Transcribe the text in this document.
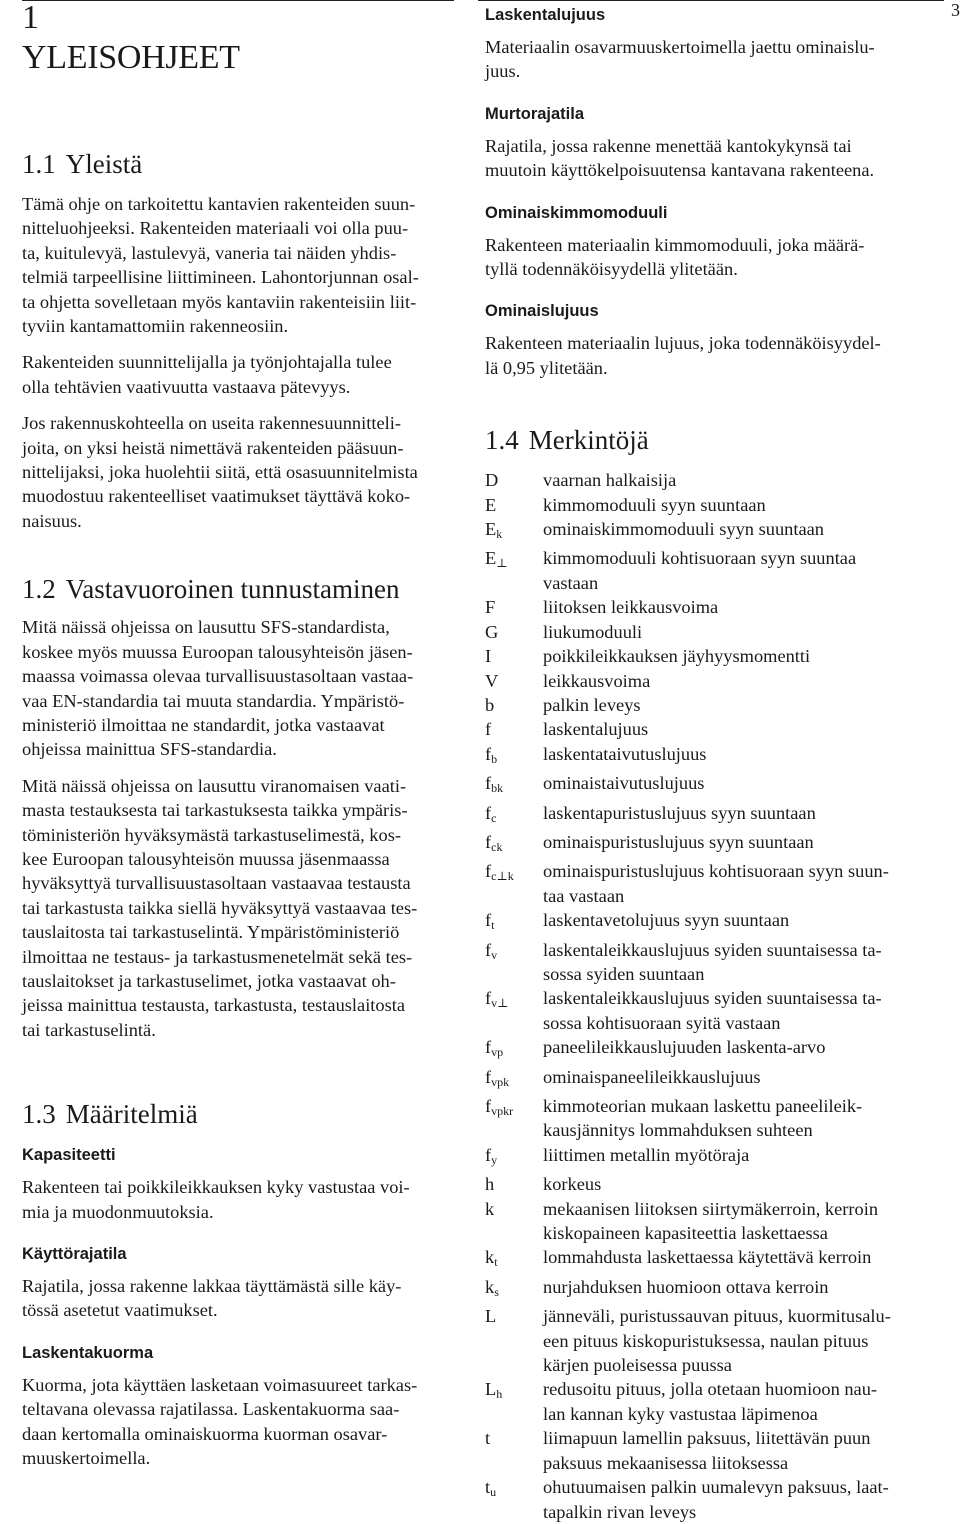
3
1
YLEISOHJEET
1.1 Yleistä

Tämä ohje on tarkoitettu kantavien rakenteiden suun-
nitteluohjeeksi. Rakenteiden materiaali voi olla puu-
ta, kuitulevyä, lastulevyä, vaneria tai näiden yhdis-
telmiä tarpeellisine liittimineen. Lahontorjunnan osal-
ta ohjetta sovelletaan myös kantaviin rakenteisiin liit-
tyviin kantamattomiin rakenneosiin.

Rakenteiden suunnittelijalla ja työnjohtajalla tulee
olla tehtävien vaativuutta vastaava pätevyys.

Jos rakennuskohteella on useita rakennesuunnitteli-
joita, on yksi heistä nimettävä rakenteiden pääsuun-
nittelijaksi, joka huolehtii siitä, että osasuunnitelmista
muodostuu rakenteelliset vaatimukset täyttävä koko-
naisuus.

1.2 Vastavuoroinen tunnustaminen

Mitä näissä ohjeissa on lausuttu SFS-standardista,
koskee myös muussa Euroopan talousyhteisön jäsen-
maassa voimassa olevaa turvallisuustasoltaan vastaa-
vaa EN-standardia tai muuta standardia. Ympäristö-
ministeriö ilmoittaa ne standardit, jotka vastaavat
ohjeissa mainittua SFS-standardia.

Mitä näissä ohjeissa on lausuttu viranomaisen vaati-
masta testauksesta tai tarkastuksesta taikka ympäris-
töministeriön hyväksymästä tarkastuselimestä, kos-
kee Euroopan talousyhteisön muussa jäsenmaassa
hyväksyttyä turvallisuustasoltaan vastaavaa testausta
tai tarkastusta taikka siellä hyväksyttyä vastaavaa tes-
tauslaitosta tai tarkastuselintä. Ympäristöministeriö
ilmoittaa ne testaus- ja tarkastusmenetelmät sekä tes-
tauslaitokset ja tarkastuselimet, jotka vastaavat oh-
jeissa mainittua testausta, tarkastusta, testauslaitosta
tai tarkastuselintä.

1.3 Määritelmiä
Kapasiteetti

Rakenteen tai poikkileikkauksen kyky vastustaa voi-
mia ja muodonmuutoksia.

Käyttörajatila

Rajatila, jossa rakenne lakkaa täyttämästä sille käy-
tössä asetetut vaatimukset.

Laskentakuorma

Kuorma, jota käyttäen lasketaan voimasuureet tarkas-
teltavana olevassa rajatilassa. Laskentakuorma saa-
daan kertomalla ominaiskuorma kuorman osavar-
muuskertoimella.

Laskentalujuus

Materiaalin osavarmuuskertoimella jaettu ominaislu-
juus.

Murtorajatila

Rajatila, jossa rakenne menettää kantokykynsä tai
muutoin käyttökelpoisuutensa kantavana rakenteena.

Ominaiskimmomoduuli

Rakenteen materiaalin kimmomoduuli, joka määrä-
tyllä todennäköisyydellä ylitetään.

Ominaislujuus

Rakenteen materiaalin lujuus, joka todennäköisyydel-
lä 0,95 ylitetään.

1.4 Merkintöjä
D	vaarnan halkaisija
E	kimmomoduuli syyn suuntaan
$E_k$	ominaiskimmomoduuli syyn suuntaan
$E_\perp$	kimmomoduuli kohtisuoraan syyn suuntaa
vastaan
F	liitoksen leikkausvoima
G	liukumoduuli
I	poikkileikkauksen jäyhyysmomentti
V	leikkausvoima
b	palkin leveys
f	laskentalujuus
$f_b$	laskentataivutuslujuus
$f_{bk}$	ominaistaivutuslujuus
$f_c$	laskentapuristuslujuus syyn suuntaan
$f_{ck}$	ominaispuristuslujuus syyn suuntaan
$f_{c\perp k}$	ominaispuristuslujuus kohtisuoraan syyn suun-
taa vastaan
$f_t$	laskentavetolujuus syyn suuntaan
$f_v$	laskentaleikkauslujuus syiden suuntaisessa ta-
sossa syiden suuntaan
$f_{v\perp}$	laskentaleikkauslujuus syiden suuntaisessa ta-
sossa kohtisuoraan syitä vastaan
$f_{vp}$	paneelileikkauslujuuden laskenta-arvo
$f_{vpk}$	ominaispaneelileikkauslujuus
$f_{vpkr}$	kimmoteorian mukaan laskettu paneelileik-
kausjännitys lommahduksen suhteen
$f_y$	liittimen metallin myötöraja
h	korkeus
k	mekaanisen liitoksen siirtymäkerroin, kerroin
kiskopaineen kapasiteettia laskettaessa
$k_t$	lommahdusta laskettaessa käytettävä kerroin
$k_s$	nurjahduksen huomioon ottava kerroin
L	jänneväli, puristussauvan pituus, kuormitusalu-
een pituus kiskopuristuksessa, naulan pituus
kärjen puoleisessa puussa
$L_h$	redusoitu pituus, jolla otetaan huomioon nau-
lan kannan kyky vastustaa läpimenoa
t	liimapuun lamellin paksuus, liitettävän puun
paksuus mekaanisessa liitoksessa
$t_u$	ohutuumaisen palkin uumalevyn paksuus, laat-
tapalkin rivan leveys
